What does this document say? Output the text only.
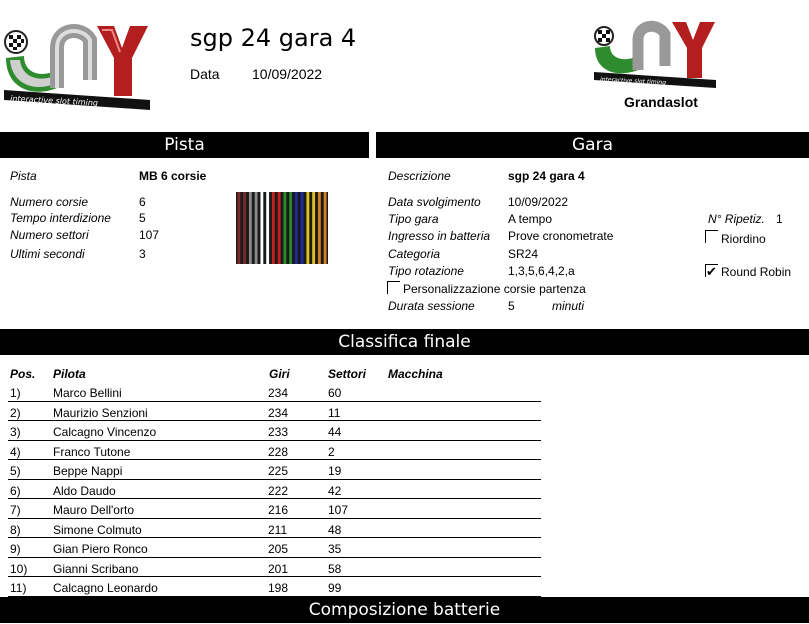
interactive slot timing
sgp 24 gara 4
Data 10/09/2022	interactive slot timing
Grandaslot
Pista
Pista	MB 6 corsie
Numero corsie	6
Tempo interdizione 5
Numero settori	107
Ultimi secondi	3
Gara
Descrizione	sgp 24 gara 4
Data svolgimento 10/09/2022
Tipo gara	A tempo
Ingresso in batteria Prove cronometrate
Categoria	SR24
Tipo rotazione	1,3,5,6,4,2,a
Personalizzazione corsie partenza
Durata sessione	5	minuti
N° Ripetiz. 1
Riordino
✔ Round Robin
Classifica finale
Pos. Pilota	Giri	Settori Macchina
1)	Marco Bellini	234	60
2)	Maurizio Senzioni	234	11
3)	Calcagno Vincenzo	233	44
4)	Franco Tutone	228	2
5)	Beppe Nappi	225	19
6)	Aldo Daudo	222	42
7)	Mauro Dell'orto	216	107
8)	Simone Colmuto	211	48
9)	Gian Piero Ronco	205	35
10) Gianni Scribano	201	58
11) Calcagno Leonardo	198	99
Composizione batterie
